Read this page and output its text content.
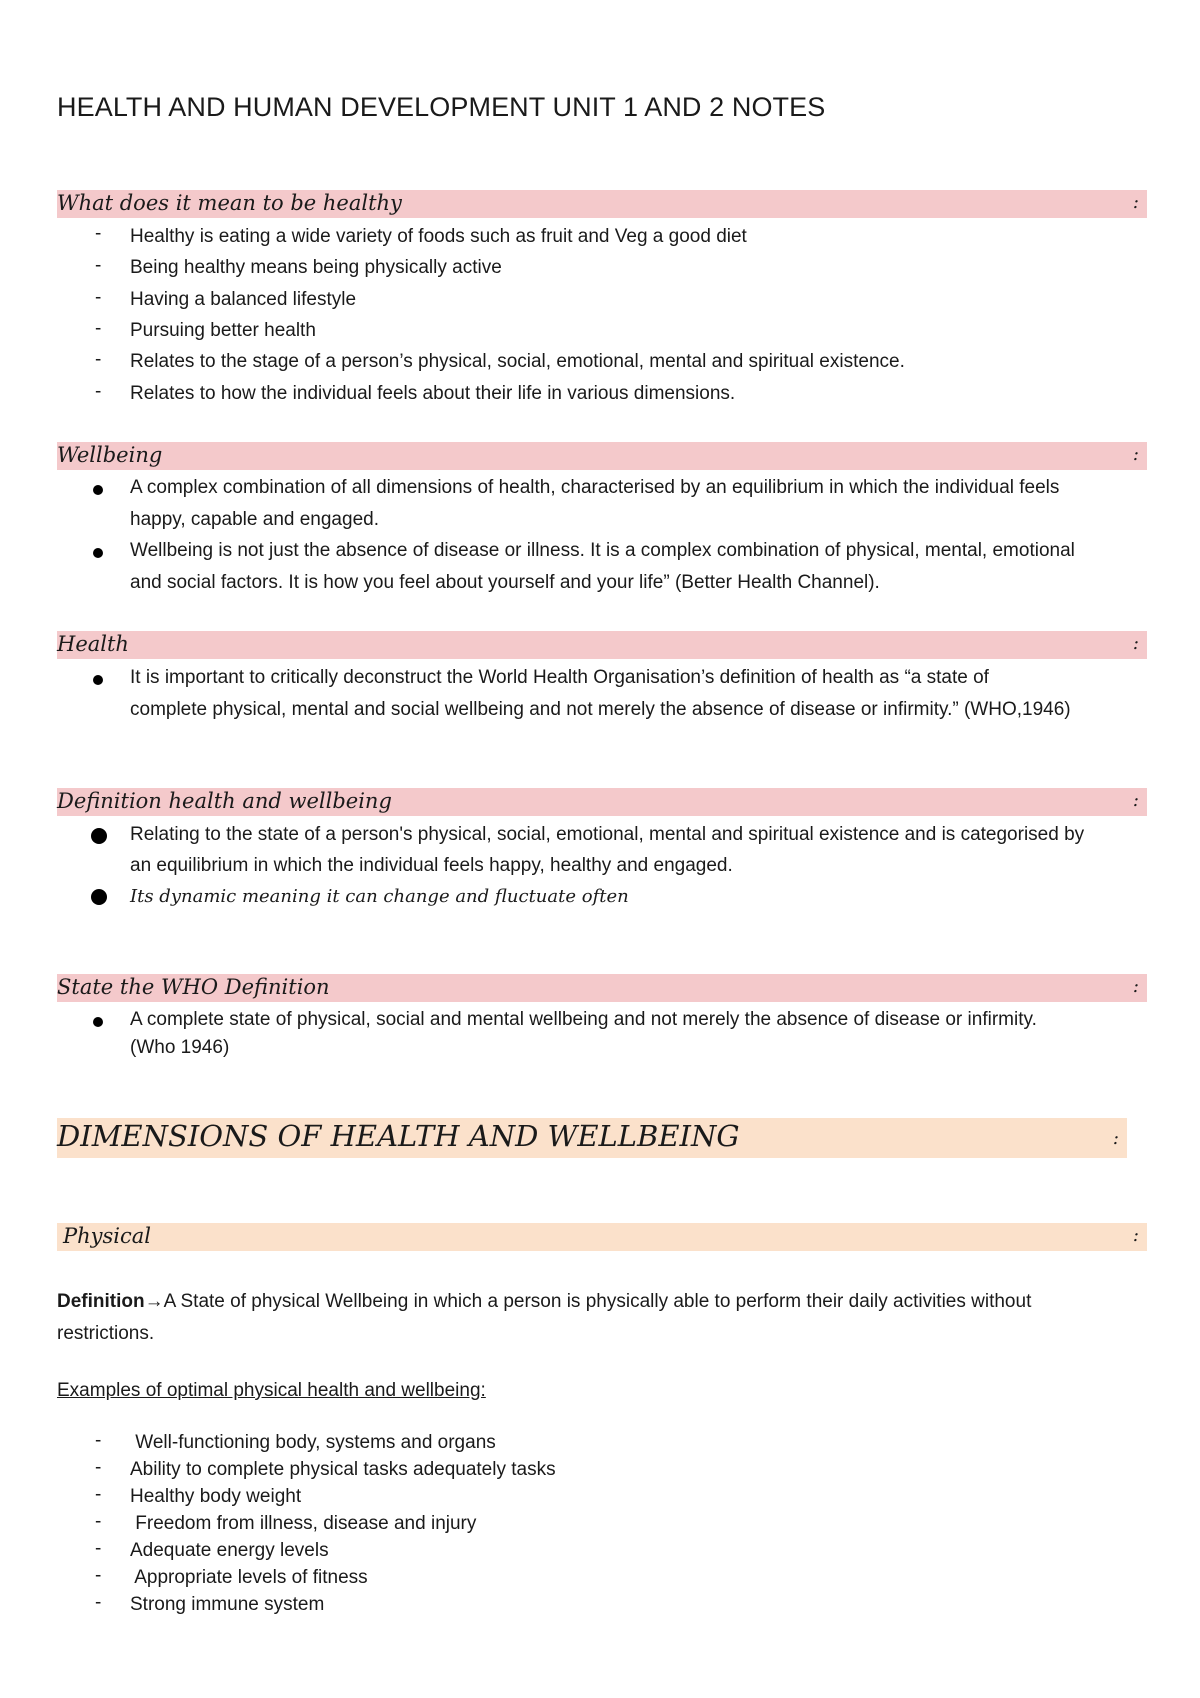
HEALTH AND HUMAN DEVELOPMENT UNIT 1 AND 2 NOTES
What does it mean to be healthy	:
- Healthy is eating a wide variety of foods such as fruit and Veg a good diet
- Being healthy means being physically active
- Having a balanced lifestyle
- Pursuing better health
- Relates to the stage of a person’s physical, social, emotional, mental and spiritual existence.
- Relates to how the individual feels about their life in various dimensions.
Wellbeing	:
A complex combination of all dimensions of health, characterised by an equilibrium in which the individual feels
happy, capable and engaged.
Wellbeing is not just the absence of disease or illness. It is a complex combination of physical, mental, emotional
and social factors. It is how you feel about yourself and your life” (Better Health Channel).
Health	:
It is important to critically deconstruct the World Health Organisation’s definition of health as “a state of
complete physical, mental and social wellbeing and not merely the absence of disease or infirmity.” (WHO,1946)
Definition health and wellbeing	:
Relating to the state of a person's physical, social, emotional, mental and spiritual existence and is categorised by
an equilibrium in which the individual feels happy, healthy and engaged.
Its dynamic meaning it can change and fluctuate often
State the WHO Definition	:
A complete state of physical, social and mental wellbeing and not merely the absence of disease or infirmity.
(Who 1946)
DIMENSIONS OF HEALTH AND WELLBEING	:
Physical	:
Definition→A State of physical Wellbeing in which a person is physically able to perform their daily activities without
restrictions.
Examples of optimal physical health and wellbeing:
- Well-functioning body, systems and organs
- Ability to complete physical tasks adequately tasks
- Healthy body weight
- Freedom from illness, disease and injury
- Adequate energy levels
- Appropriate levels of fitness
- Strong immune system
